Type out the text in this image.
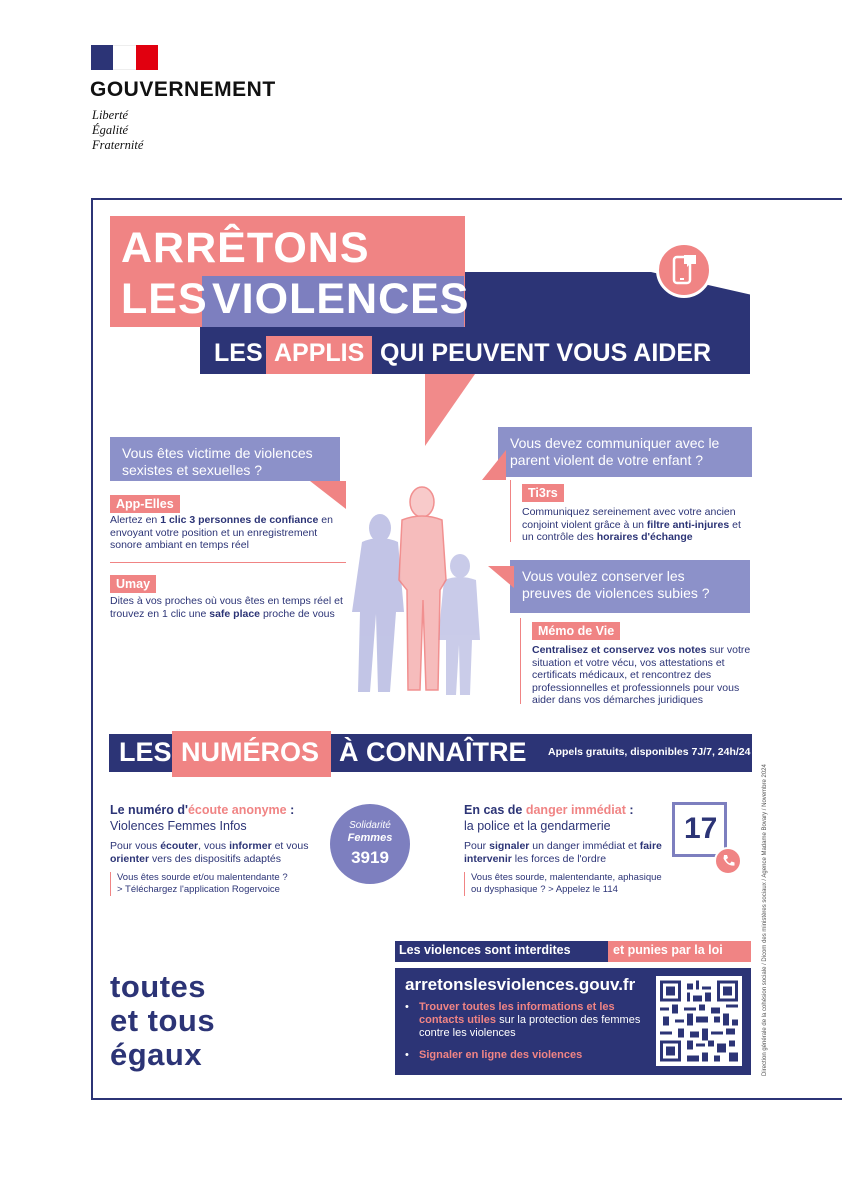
GOUVERNEMENT
Liberté
Égalité
Fraternité
ARRÊTONS
LES VIOLENCES
LES APPLIS QUI PEUVENT VOUS AIDER
Vous êtes victime de violences sexistes et sexuelles ?
App-Elles
Alertez en 1 clic 3 personnes de confiance en envoyant votre position et un enregistrement sonore ambiant en temps réel
Umay
Dites à vos proches où vous êtes en temps réel et trouvez en 1 clic une safe place proche de vous
Vous devez communiquer avec le parent violent de votre enfant ?
Ti3rs
Communiquez sereinement avec votre ancien conjoint violent grâce à un filtre anti-injures et un contrôle des horaires d'échange
Vous voulez conserver les preuves de violences subies ?
Mémo de Vie
Centralisez et conservez vos notes sur votre situation et votre vécu, vos attestations et certificats médicaux, et rencontrez des professionnelles et professionnels pour vous aider dans vos démarches juridiques
LES NUMÉROS À CONNAÎTRE Appels gratuits, disponibles 7J/7, 24h/24
Le numéro d'écoute anonyme :
Violences Femmes Infos
Pour vous écouter, vous informer et vous orienter vers des dispositifs adaptés
Vous êtes sourde et/ou malentendante ?
> Téléchargez l'application Rogervoice
Solidarité
Femmes
3919
En cas de danger immédiat :
la police et la gendarmerie
Pour signaler un danger immédiat et faire intervenir les forces de l'ordre
Vous êtes sourde, malentendante, aphasique
ou dysphasique ? > Appelez le 114
17
Les violences sont interdites	et punies par la loi
arretonslesviolences.gouv.fr
• Trouver toutes les informations et les contacts utiles sur la protection des femmes contre les violences
• Signaler en ligne des violences	Direction générale de la cohésion sociale / Dicom des ministères sociaux / Agence Madame Bovary / Novembre 2024
toutes
et tous
égaux
